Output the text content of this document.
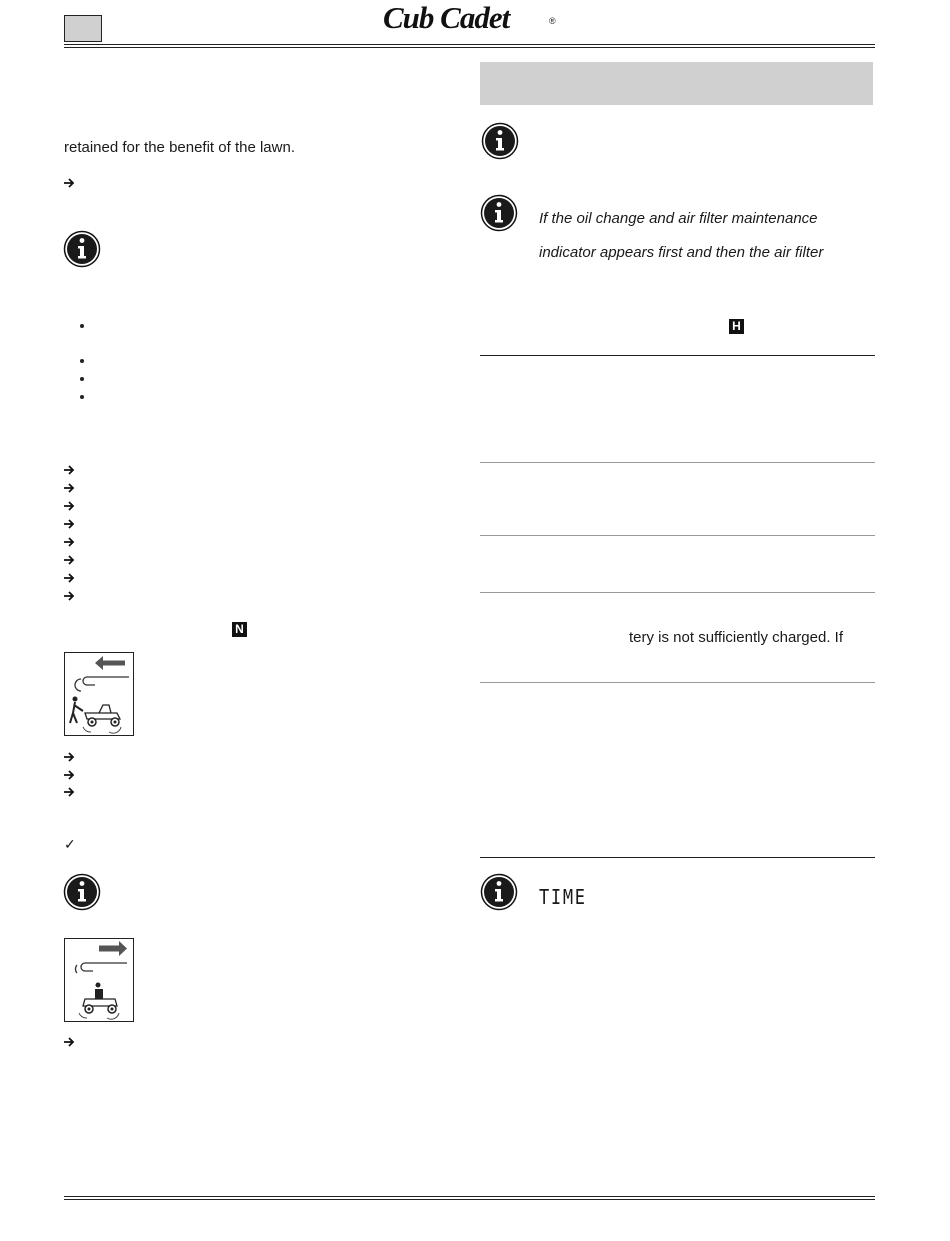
Cub Cadet	®
retained for the benefit of the lawn.
N
✓
If the oil change and air filter maintenance
indicator appears first and then the air filter
H
tery is not sufficiently charged. If
TIME
